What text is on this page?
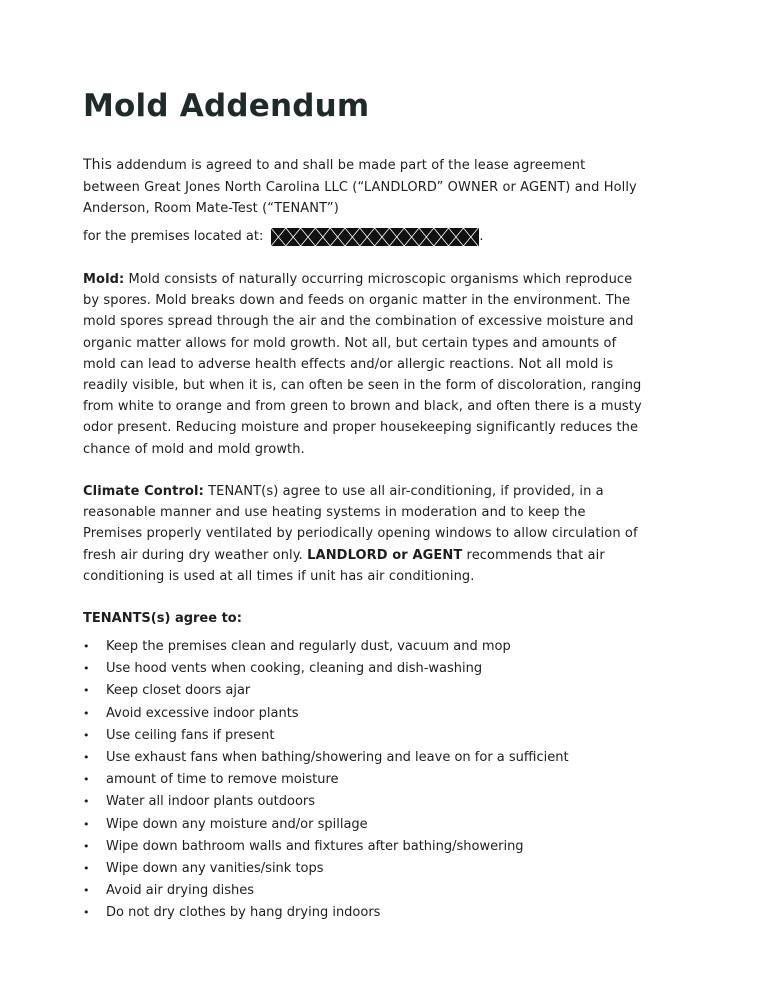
Mold Addendum
This addendum is agreed to and shall be made part of the lease agreement between Great Jones North Carolina LLC (“LANDLORD” OWNER or AGENT) and Holly Anderson, Room Mate-Test (“TENANT”)
for the premises located at:	.
Mold: Mold consists of naturally occurring microscopic organisms which reproduce by spores. Mold breaks down and feeds on organic matter in the environment. The mold spores spread through the air and the combination of excessive moisture and organic matter allows for mold growth. Not all, but certain types and amounts of mold can lead to adverse health effects and/or allergic reactions. Not all mold is readily visible, but when it is, can often be seen in the form of discoloration, ranging from white to orange and from green to brown and black, and often there is a musty odor present. Reducing moisture and proper housekeeping significantly reduces the chance of mold and mold growth.
Climate Control: TENANT(s) agree to use all air-conditioning, if provided, in a reasonable manner and use heating systems in moderation and to keep the Premises properly ventilated by periodically opening windows to allow circulation of fresh air during dry weather only. LANDLORD or AGENT recommends that air conditioning is used at all times if unit has air conditioning.
TENANTS(s) agree to:
• Keep the premises clean and regularly dust, vacuum and mop
• Use hood vents when cooking, cleaning and dish-washing
• Keep closet doors ajar
• Avoid excessive indoor plants
• Use ceiling fans if present
• Use exhaust fans when bathing/showering and leave on for a sufficient
• amount of time to remove moisture
• Water all indoor plants outdoors
• Wipe down any moisture and/or spillage
• Wipe down bathroom walls and fixtures after bathing/showering
• Wipe down any vanities/sink tops
• Avoid air drying dishes
• Do not dry clothes by hang drying indoors
